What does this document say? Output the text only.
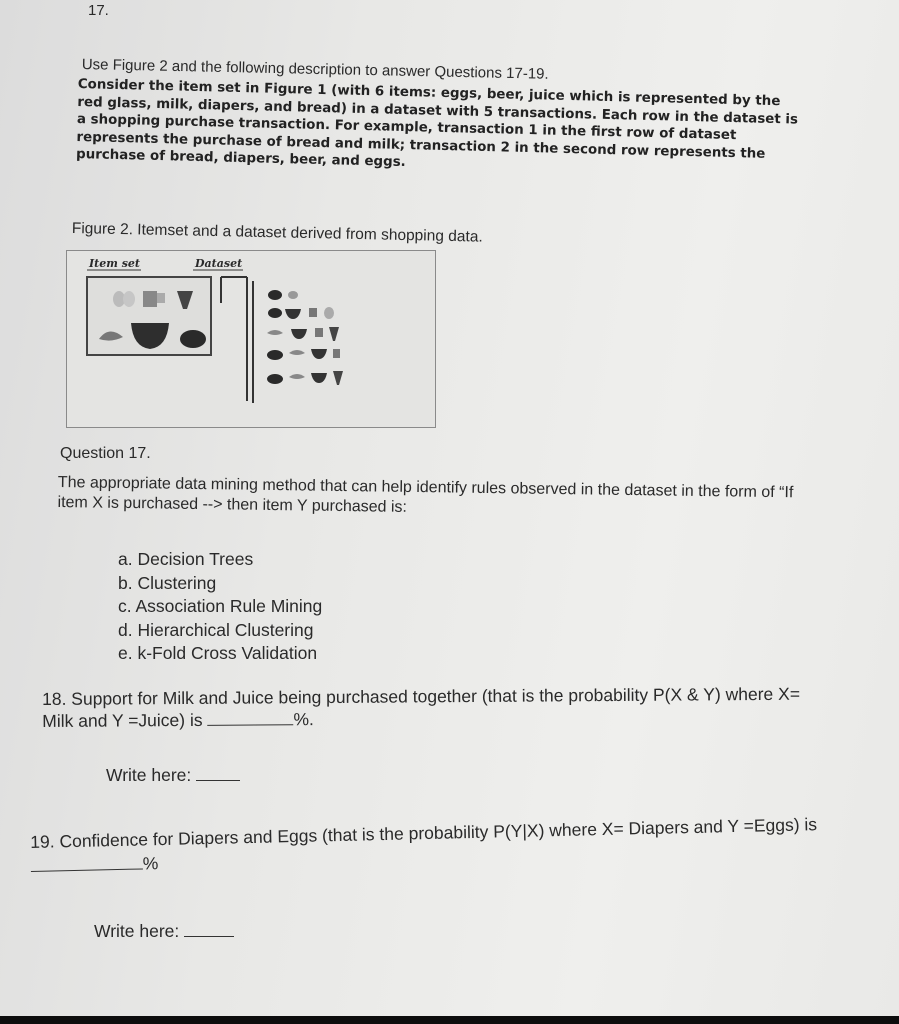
17.
Use Figure 2 and the following description to answer Questions 17-19.
Consider the item set in Figure 1 (with 6 items: eggs, beer, juice which is represented by the red glass, milk, diapers, and bread) in a dataset with 5 transactions. Each row in the dataset is a shopping purchase transaction. For example, transaction 1 in the first row of dataset represents the purchase of bread and milk; transaction 2 in the second row represents the purchase of bread, diapers, beer, and eggs.
Figure 2. Itemset and a dataset derived from shopping data.
Item set	Dataset
Question 17.
The appropriate data mining method that can help identify rules observed in the dataset in the form of “If item X is purchased --> then item Y purchased is:
a. Decision Trees
b. Clustering
c. Association Rule Mining
d. Hierarchical Clustering
e. k-Fold Cross Validation
18. Support for Milk and Juice being purchased together (that is the probability P(X & Y) where X= Milk and Y =Juice) is	%.
Write here:
19. Confidence for Diapers and Eggs (that is the probability P(Y|X) where X= Diapers and Y =Eggs) is %
Write here:
